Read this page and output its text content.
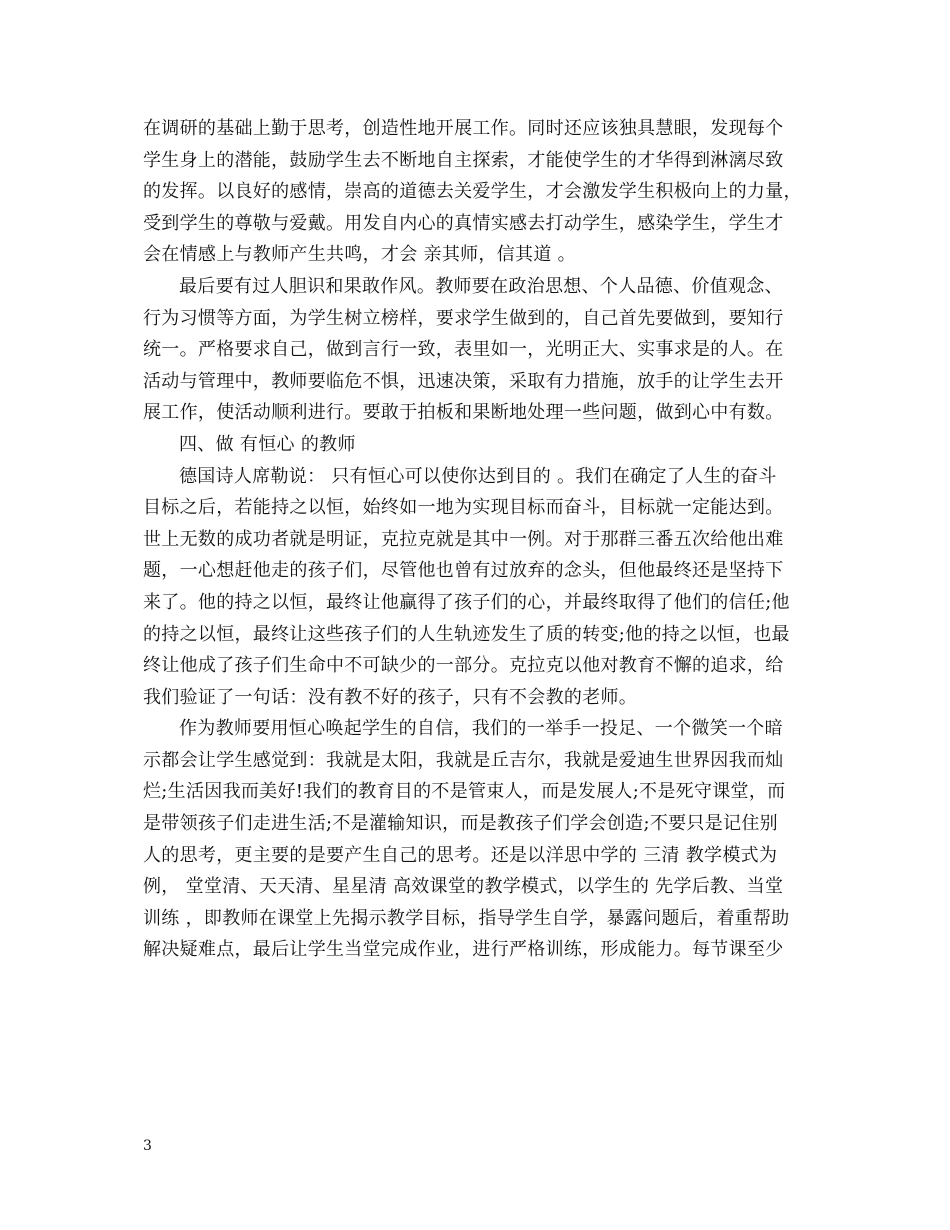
在调研的基础上勤于思考，创造性地开展工作。同时还应该独具慧眼，发现每个
学生身上的潜能，鼓励学生去不断地自主探索，才能使学生的才华得到淋漓尽致
的发挥。以良好的感情，崇高的道德去关爱学生，才会激发学生积极向上的力量，
受到学生的尊敬与爱戴。用发自内心的真情实感去打动学生，感染学生，学生才
会在情感上与教师产生共鸣，才会 亲其师，信其道 。
最后要有过人胆识和果敢作风。教师要在政治思想、个人品德、价值观念、
行为习惯等方面，为学生树立榜样，要求学生做到的，自己首先要做到，要知行
统一。严格要求自己，做到言行一致，表里如一，光明正大、实事求是的人。在
活动与管理中，教师要临危不惧，迅速决策，采取有力措施，放手的让学生去开
展工作，使活动顺利进行。要敢于拍板和果断地处理一些问题，做到心中有数。
四、做 有恒心 的教师
德国诗人席勒说： 只有恒心可以使你达到目的 。我们在确定了人生的奋斗
目标之后，若能持之以恒，始终如一地为实现目标而奋斗，目标就一定能达到。
世上无数的成功者就是明证，克拉克就是其中一例。对于那群三番五次给他出难
题，一心想赶他走的孩子们，尽管他也曾有过放弃的念头，但他最终还是坚持下
来了。他的持之以恒，最终让他赢得了孩子们的心，并最终取得了他们的信任;他
的持之以恒，最终让这些孩子们的人生轨迹发生了质的转变;他的持之以恒，也最
终让他成了孩子们生命中不可缺少的一部分。克拉克以他对教育不懈的追求，给
我们验证了一句话：没有教不好的孩子，只有不会教的老师。
作为教师要用恒心唤起学生的自信，我们的一举手一投足、一个微笑一个暗
示都会让学生感觉到：我就是太阳，我就是丘吉尔，我就是爱迪生世界因我而灿
烂;生活因我而美好!我们的教育目的不是管束人，而是发展人;不是死守课堂，而
是带领孩子们走进生活;不是灌输知识，而是教孩子们学会创造;不要只是记住别
人的思考，更主要的是要产生自己的思考。还是以洋思中学的 三清 教学模式为
例， 堂堂清、天天清、星星清 高效课堂的教学模式，以学生的 先学后教、当堂
训练 ，即教师在课堂上先揭示教学目标，指导学生自学，暴露问题后，着重帮助
解决疑难点，最后让学生当堂完成作业，进行严格训练，形成能力。每节课至少
3
